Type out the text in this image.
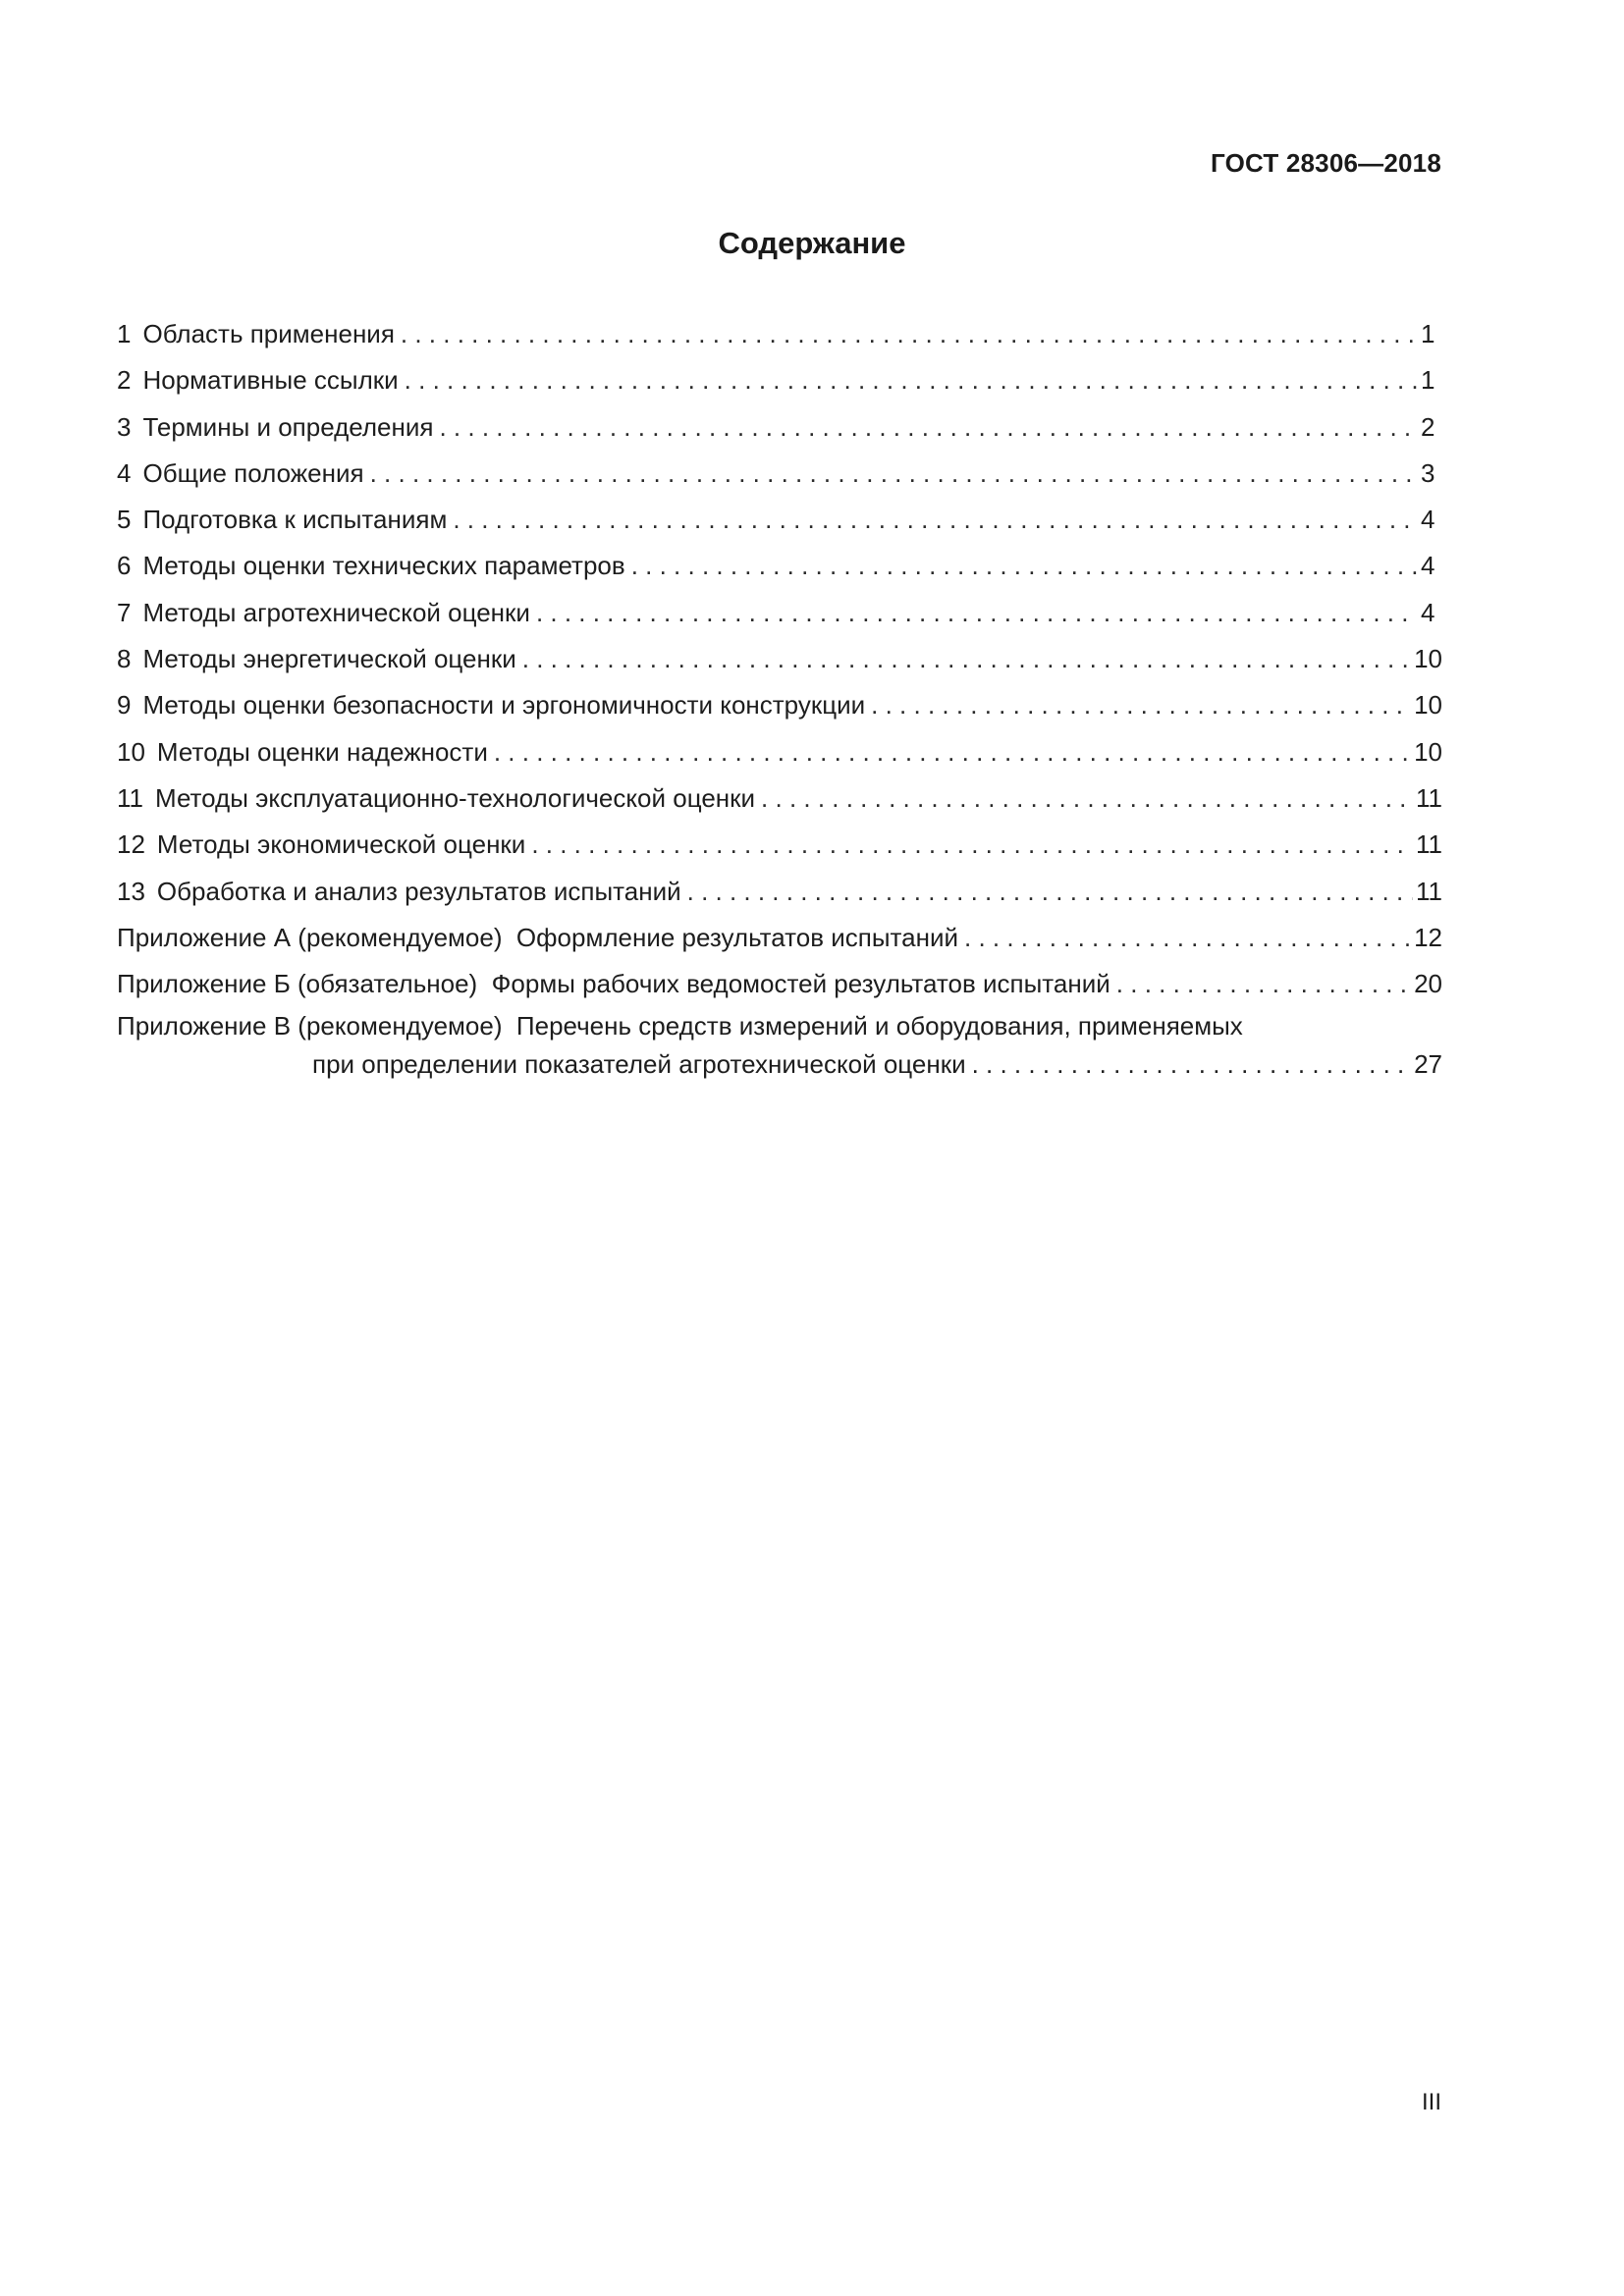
ГОСТ 28306—2018
Содержание
1 Область применения . . .	1
2 Нормативные ссылки . . .	1
3 Термины и определения . . .	2
4 Общие положения . . .	3
5 Подготовка к испытаниям . . .	4
6 Методы оценки технических параметров . . .	4
7 Методы агротехнической оценки . . .	4
8 Методы энергетической оценки . . .	10
9 Методы оценки безопасности и эргономичности конструкции . . .	10
10 Методы оценки надежности . . .	10
11 Методы эксплуатационно-технологической оценки . . .	11
12 Методы экономической оценки . . .	11
13 Обработка и анализ результатов испытаний . . .	11
Приложение А (рекомендуемое)  Оформление результатов испытаний . . .	12
Приложение Б (обязательное)  Формы рабочих ведомостей результатов испытаний . . .	20
Приложение В (рекомендуемое)  Перечень средств измерений и оборудования, применяемых
при определении показателей агротехнической оценки . . .	27
III
